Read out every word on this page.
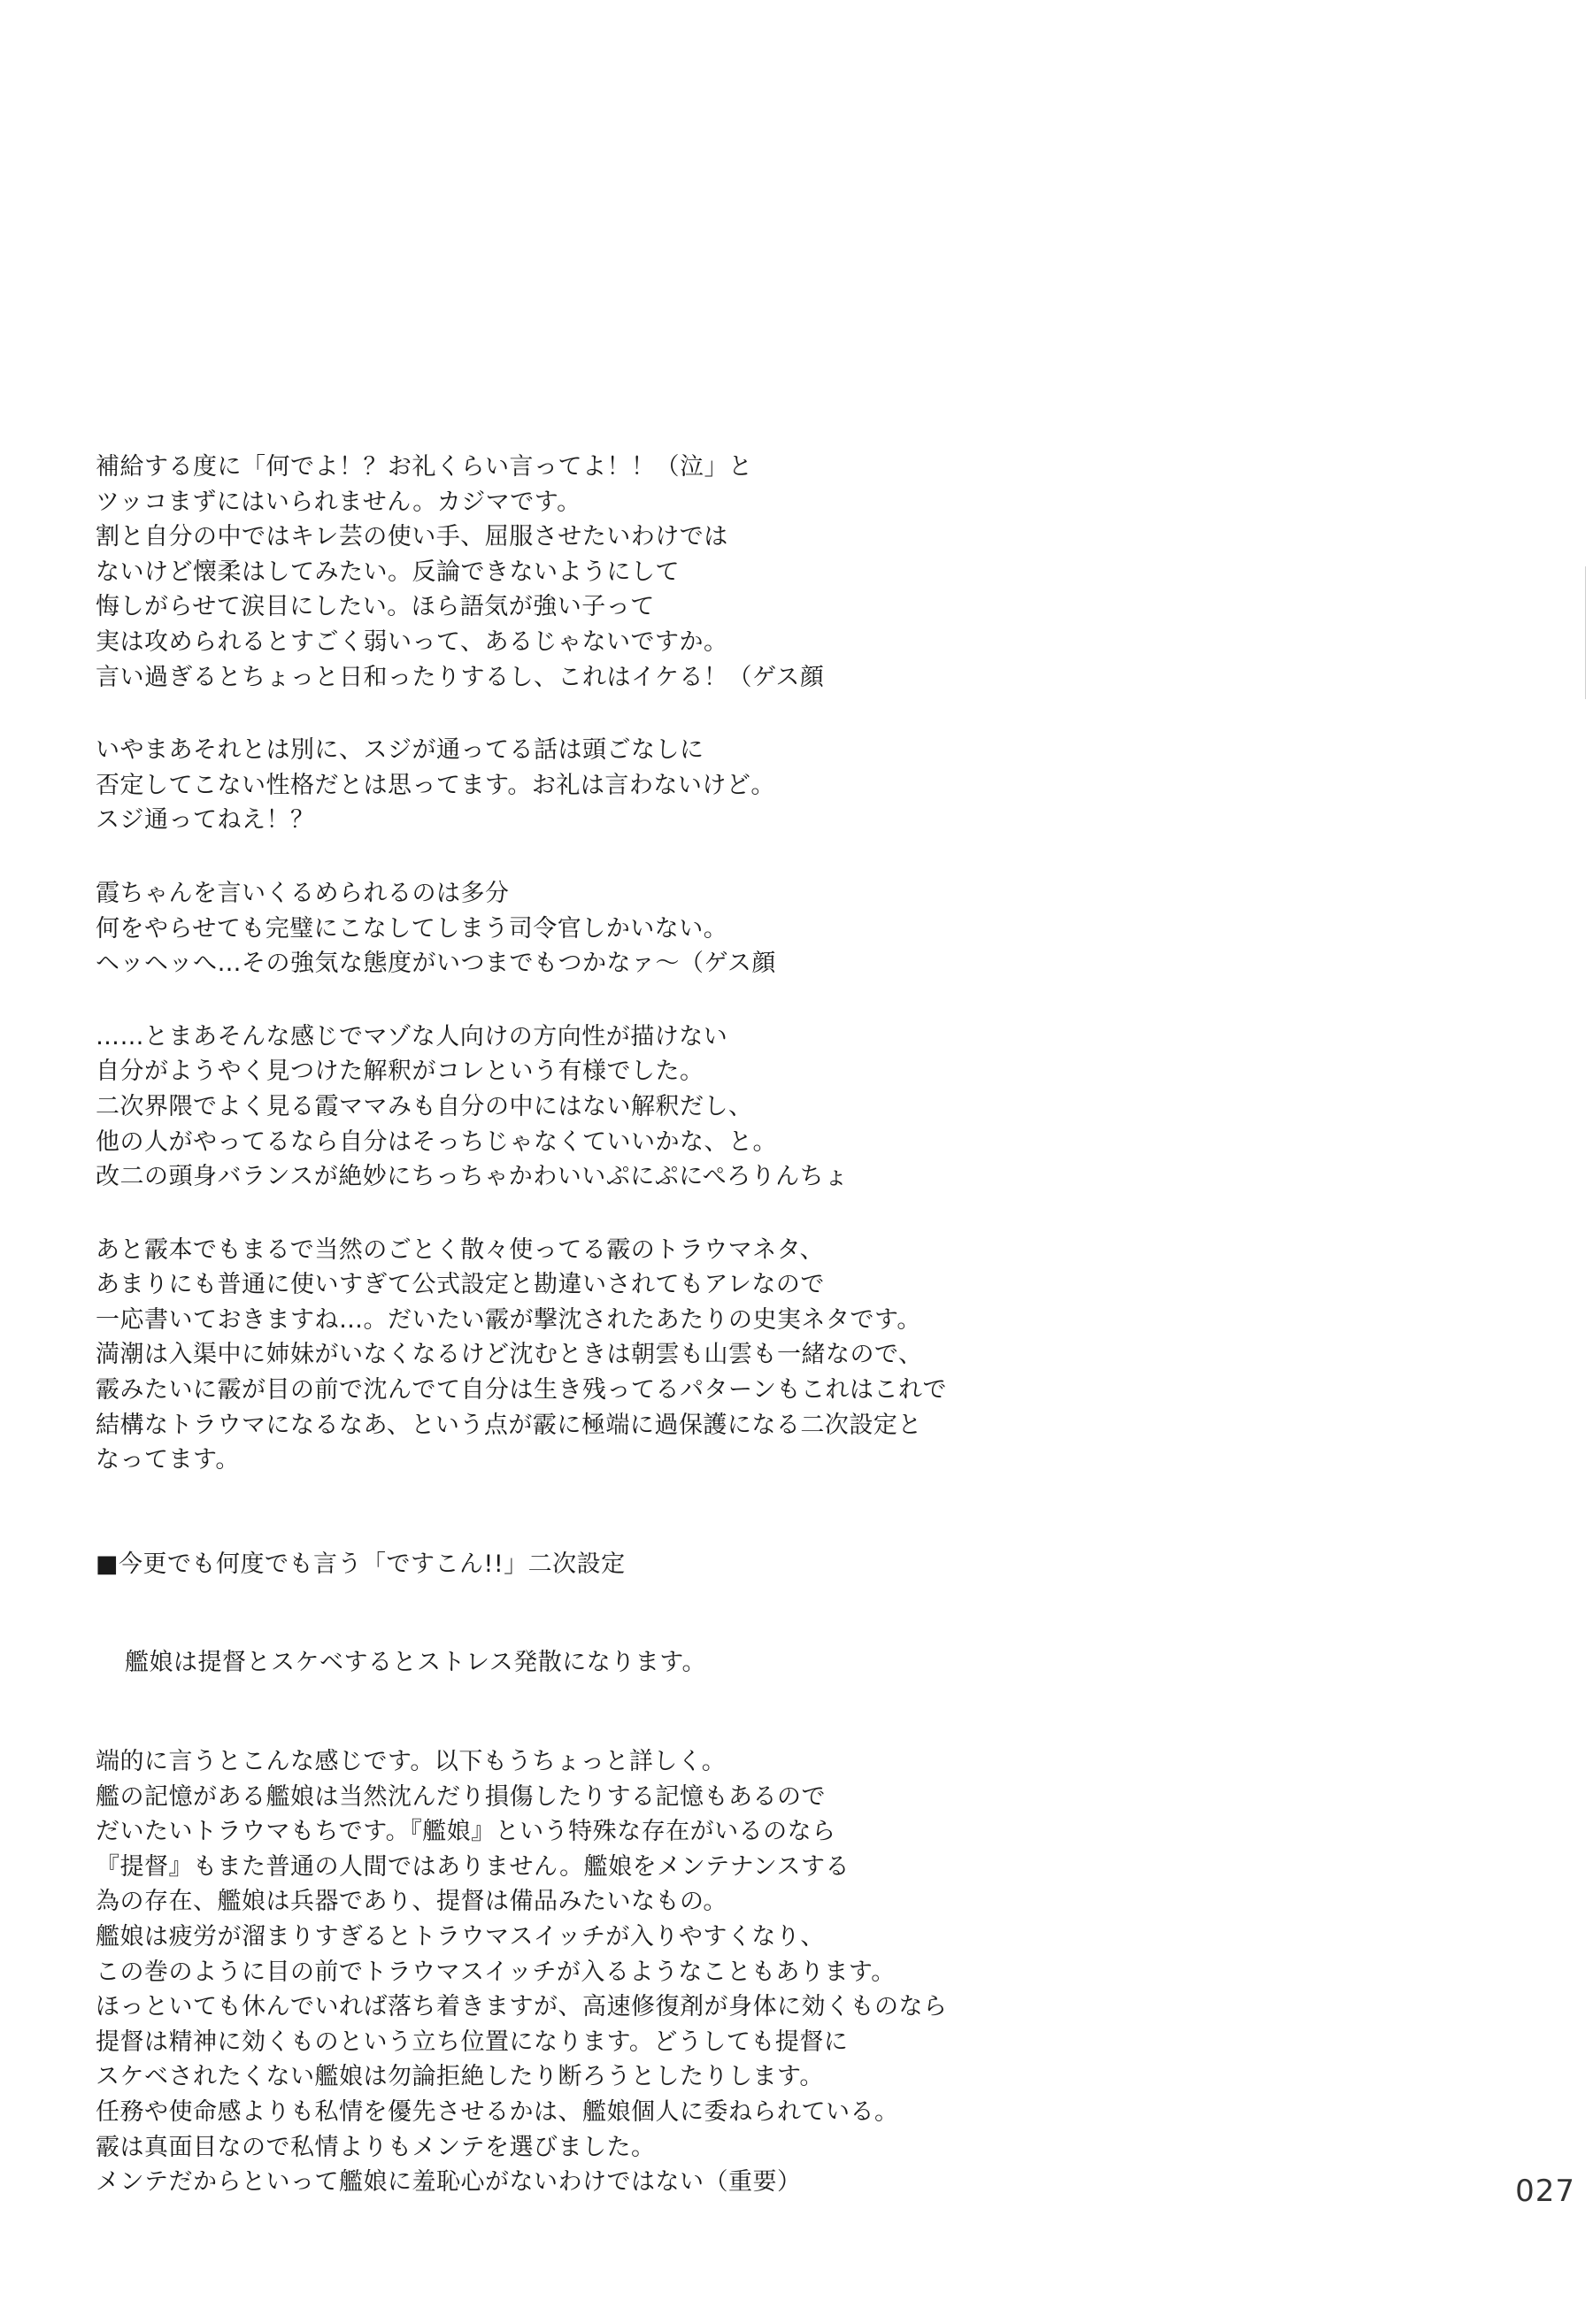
補給する度に「何でよ！？お礼くらい言ってよ！！（泣」と
ツッコまずにはいられません。カジマです。
割と自分の中ではキレ芸の使い手、屈服させたいわけでは
ないけど懐柔はしてみたい。反論できないようにして
悔しがらせて涙目にしたい。ほら語気が強い子って
実は攻められるとすごく弱いって、あるじゃないですか。
言い過ぎるとちょっと日和ったりするし、これはイケる！（ゲス顔
いやまあそれとは別に、スジが通ってる話は頭ごなしに
否定してこない性格だとは思ってます。お礼は言わないけど。
スジ通ってねえ！？
霞ちゃんを言いくるめられるのは多分
何をやらせても完璧にこなしてしまう司令官しかいない。
ヘッヘッへ…その強気な態度がいつまでもつかなァ～（ゲス顔
……とまあそんな感じでマゾな人向けの方向性が描けない
自分がようやく見つけた解釈がコレという有様でした。
二次界隈でよく見る霞ママみも自分の中にはない解釈だし、
他の人がやってるなら自分はそっちじゃなくていいかな、と。
改二の頭身バランスが絶妙にちっちゃかわいいぷにぷにぺろりんちょ
あと霰本でもまるで当然のごとく散々使ってる霰のトラウマネタ、
あまりにも普通に使いすぎて公式設定と勘違いされてもアレなので
一応書いておきますね…。だいたい霰が撃沈されたあたりの史実ネタです。
満潮は入渠中に姉妹がいなくなるけど沈むときは朝雲も山雲も一緒なので、
霰みたいに霰が目の前で沈んでて自分は生き残ってるパターンもこれはこれで
結構なトラウマになるなあ、という点が霰に極端に過保護になる二次設定と
なってます。
■今更でも何度でも言う「ですこん!!」二次設定
艦娘は提督とスケベするとストレス発散になります。
端的に言うとこんな感じです。以下もうちょっと詳しく。
艦の記憶がある艦娘は当然沈んだり損傷したりする記憶もあるので
だいたいトラウマもちです。『艦娘』という特殊な存在がいるのなら
『提督』もまた普通の人間ではありません。艦娘をメンテナンスする
為の存在、艦娘は兵器であり、提督は備品みたいなもの。
艦娘は疲労が溜まりすぎるとトラウマスイッチが入りやすくなり、
この巻のように目の前でトラウマスイッチが入るようなこともあります。
ほっといても休んでいれば落ち着きますが、高速修復剤が身体に効くものなら
提督は精神に効くものという立ち位置になります。どうしても提督に
スケベされたくない艦娘は勿論拒絶したり断ろうとしたりします。
任務や使命感よりも私情を優先させるかは、艦娘個人に委ねられている。
霰は真面目なので私情よりもメンテを選びました。
メンテだからといって艦娘に羞恥心がないわけではない（重要）	027
